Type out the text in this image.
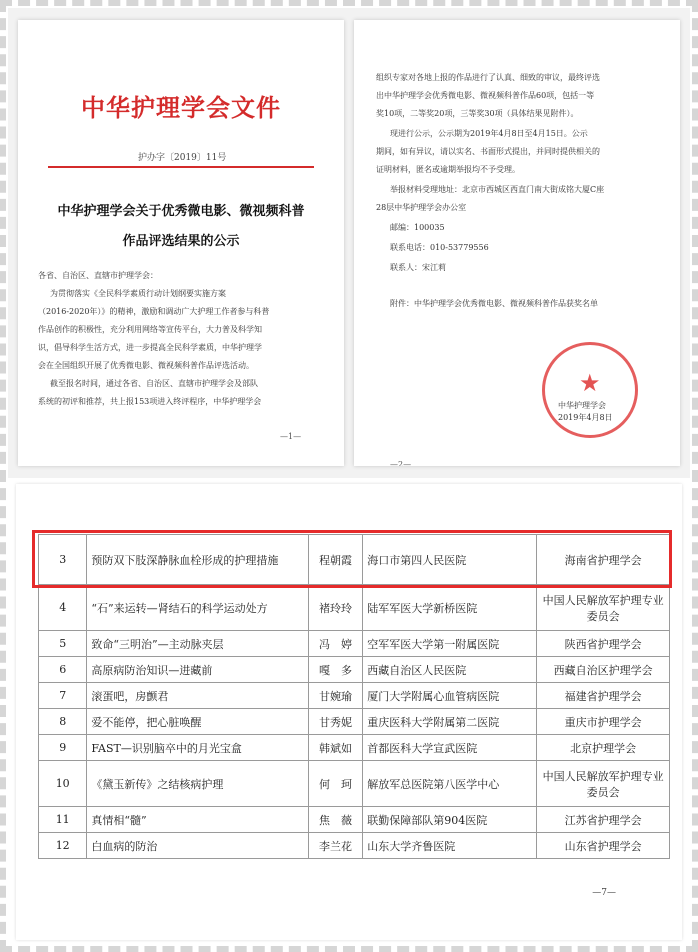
中华护理学会文件
护办字〔2019〕11号
中华护理学会关于优秀微电影、微视频科普
作品评选结果的公示
各省、自治区、直辖市护理学会：
为贯彻落实《全民科学素质行动计划纲要实施方案
（2016-2020年）》的精神，激励和调动广大护理工作者参与科普
作品创作的积极性，充分利用网络等宣传平台，大力普及科学知
识，倡导科学生活方式，进一步提高全民科学素质，中华护理学
会在全国组织开展了优秀微电影、微视频科普作品评选活动。
截至报名时间，通过各省、自治区、直辖市护理学会及部队
系统的初评和推荐，共上报153项进入终评程序，中华护理学会
—1—
组织专家对各地上报的作品进行了认真、细致的审议，最终评选
出中华护理学会优秀微电影、微视频科普作品60项，包括一等
奖10项，二等奖20项，三等奖30项（具体结果见附件）。
现进行公示，公示期为2019年4月8日至4月15日。公示
期间，如有异议，请以实名、书面形式提出，并同时提供相关的
证明材料，匿名或逾期举报均不予受理。
举报材料受理地址：北京市西城区西直门南大街成铭大厦C座
28层中华护理学会办公室
邮编：100035
联系电话：010-53779556
联系人：宋江莉
附件：中华护理学会优秀微电影、微视频科普作品获奖名单
★
中华护理学会
2019年4月8日
—2—
3	预防双下肢深静脉血栓形成的护理措施	程朝霞	海口市第四人民医院	海南省护理学会
4	“石”来运转—肾结石的科学运动处方	褚玲玲	陆军军医大学新桥医院	中国人民解放军护理专业委员会
5	致命“三明治”—主动脉夹层	冯　婷	空军军医大学第一附属医院	陕西省护理学会
6	高原病防治知识—进藏前	嘎　多	西藏自治区人民医院	西藏自治区护理学会
7	滚蛋吧，房颤君	甘婉瑜	厦门大学附属心血管病医院	福建省护理学会
8	爱不能停，把心脏唤醒	甘秀妮	重庆医科大学附属第二医院	重庆市护理学会
9	FAST—识别脑卒中的月光宝盒	韩斌如	首都医科大学宣武医院	北京护理学会
10	《黛玉新传》之结核病护理	何　珂	解放军总医院第八医学中心	中国人民解放军护理专业委员会
11	真情相“髓”	焦　薇	联勤保障部队第904医院	江苏省护理学会
12	白血病的防治	李兰花	山东大学齐鲁医院	山东省护理学会
—7—
